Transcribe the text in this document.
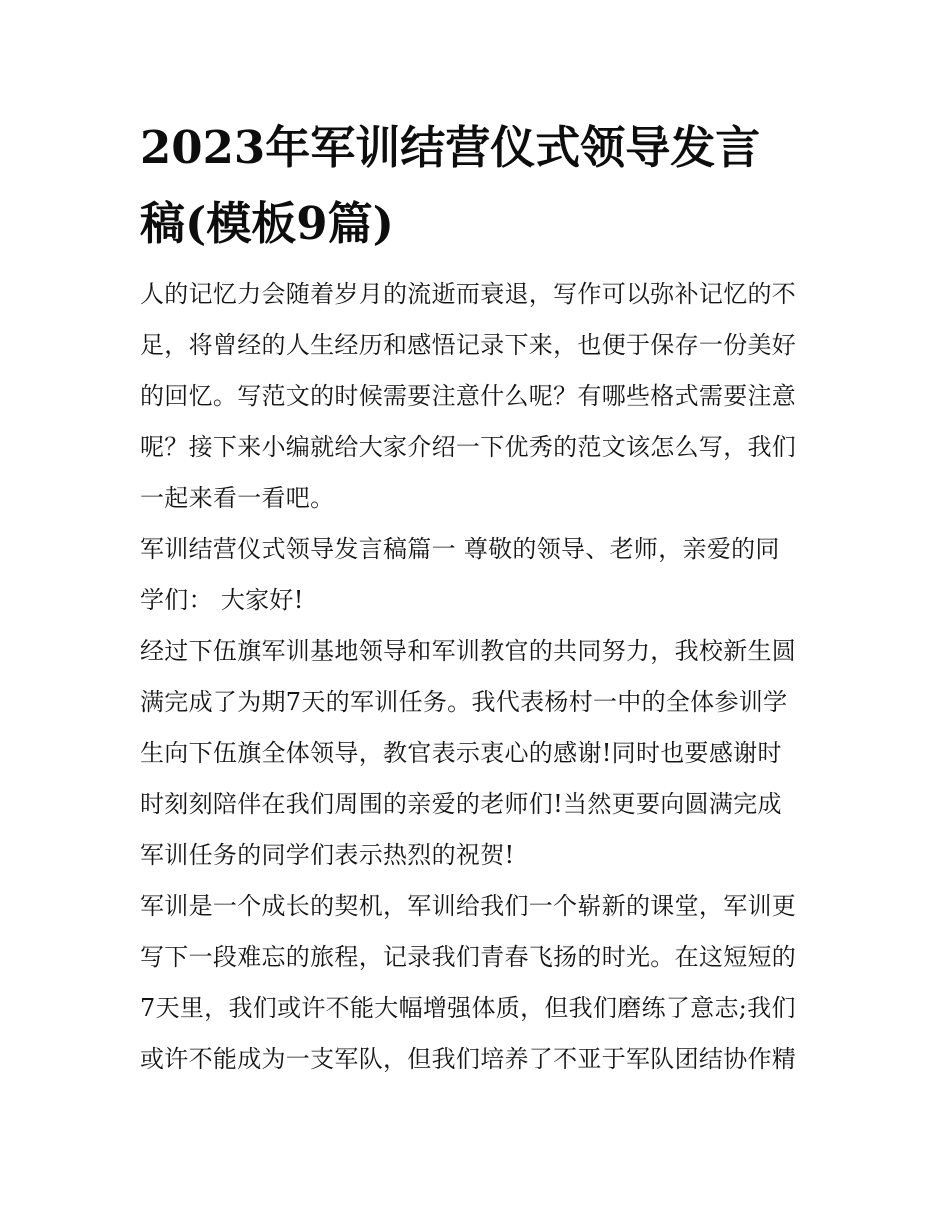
2023年军训结营仪式领导发言
稿(模板9篇)

人的记忆力会随着岁月的流逝而衰退，写作可以弥补记忆的不
足，将曾经的人生经历和感悟记录下来，也便于保存一份美好
的回忆。写范文的时候需要注意什么呢？有哪些格式需要注意
呢？接下来小编就给大家介绍一下优秀的范文该怎么写，我们
一起来看一看吧。

军训结营仪式领导发言稿篇一 尊敬的领导、老师，亲爱的同
学们： 大家好!

经过下伍旗军训基地领导和军训教官的共同努力，我校新生圆
满完成了为期7天的军训任务。我代表杨村一中的全体参训学
生向下伍旗全体领导，教官表示衷心的感谢!同时也要感谢时
时刻刻陪伴在我们周围的亲爱的老师们!当然更要向圆满完成
军训任务的同学们表示热烈的祝贺!

军训是一个成长的契机，军训给我们一个崭新的课堂，军训更
写下一段难忘的旅程，记录我们青春飞扬的时光。在这短短的
7天里，我们或许不能大幅增强体质，但我们磨练了意志;我们
或许不能成为一支军队，但我们培养了不亚于军队团结协作精
